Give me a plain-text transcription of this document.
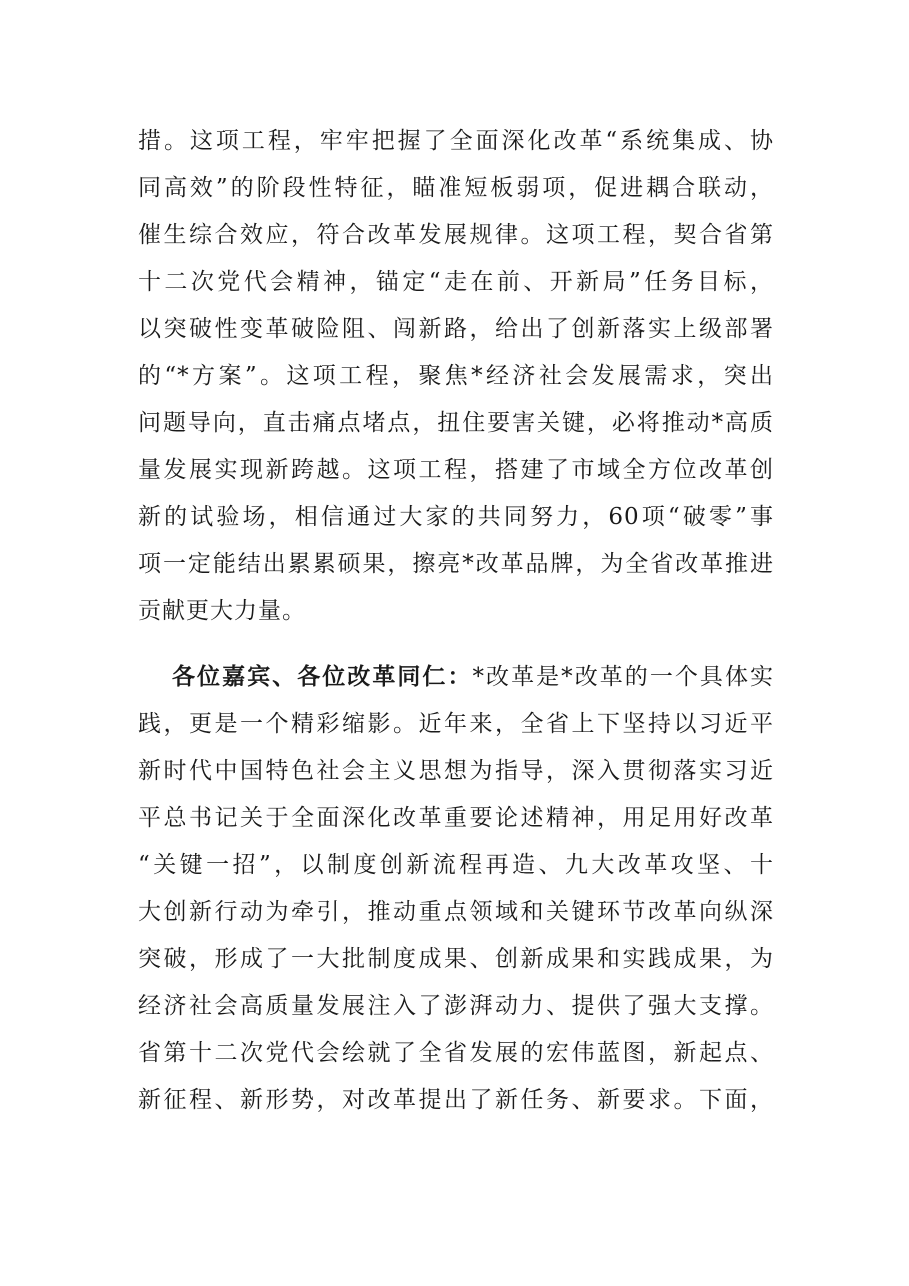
措。这项工程，牢牢把握了全面深化改革“系统集成、协
同高效”的阶段性特征，瞄准短板弱项，促进耦合联动，
催生综合效应，符合改革发展规律。这项工程，契合省第
十二次党代会精神，锚定“走在前、开新局”任务目标，
以突破性变革破险阻、闯新路，给出了创新落实上级部署
的“*方案”。这项工程，聚焦*经济社会发展需求，突出
问题导向，直击痛点堵点，扭住要害关键，必将推动*高质
量发展实现新跨越。这项工程，搭建了市域全方位改革创
新的试验场，相信通过大家的共同努力，60项“破零”事
项一定能结出累累硕果，擦亮*改革品牌，为全省改革推进
贡献更大力量。
各位嘉宾、各位改革同仁：*改革是*改革的一个具体实
践，更是一个精彩缩影。近年来，全省上下坚持以习近平
新时代中国特色社会主义思想为指导，深入贯彻落实习近
平总书记关于全面深化改革重要论述精神，用足用好改革
“关键一招”，以制度创新流程再造、九大改革攻坚、十
大创新行动为牵引，推动重点领域和关键环节改革向纵深
突破，形成了一大批制度成果、创新成果和实践成果，为
经济社会高质量发展注入了澎湃动力、提供了强大支撑。
省第十二次党代会绘就了全省发展的宏伟蓝图，新起点、
新征程、新形势，对改革提出了新任务、新要求。下面，
